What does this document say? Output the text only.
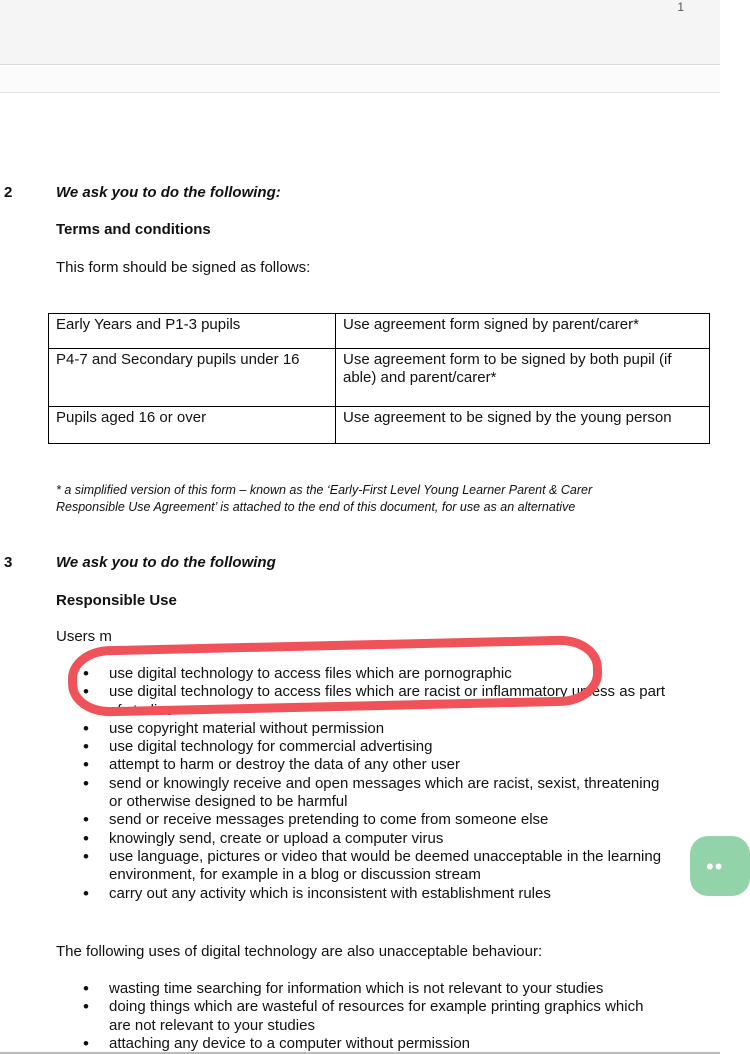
1
2	We ask you to do the following:
Terms and conditions
This form should be signed as follows:
Early Years and P1-3 pupils	Use agreement form signed by parent/carer*
P4-7 and Secondary pupils under 16	Use agreement form to be signed by both pupil (if able) and parent/carer*
Pupils aged 16 or over	Use agreement to be signed by the young person
* a simplified version of this form – known as the ‘Early-First Level Young Learner Parent & Carer
Responsible Use Agreement’ is attached to the end of this document, for use as an alternative
3	We ask you to do the following
Responsible Use
Users m
• use digital technology to access files which are pornographic
• use digital technology to access files which are racist or inflammatory unless as part of studies
• use copyright material without permission
• use digital technology for commercial advertising
• attempt to harm or destroy the data of any other user
• send or knowingly receive and open messages which are racist, sexist, threatening or otherwise designed to be harmful
• send or receive messages pretending to come from someone else
• knowingly send, create or upload a computer virus
• use language, pictures or video that would be deemed unacceptable in the learning environment, for example in a blog or discussion stream
• carry out any activity which is inconsistent with establishment rules
The following uses of digital technology are also unacceptable behaviour:
• wasting time searching for information which is not relevant to your studies
• doing things which are wasteful of resources for example printing graphics which are not relevant to your studies
• attaching any device to a computer without permission
••
